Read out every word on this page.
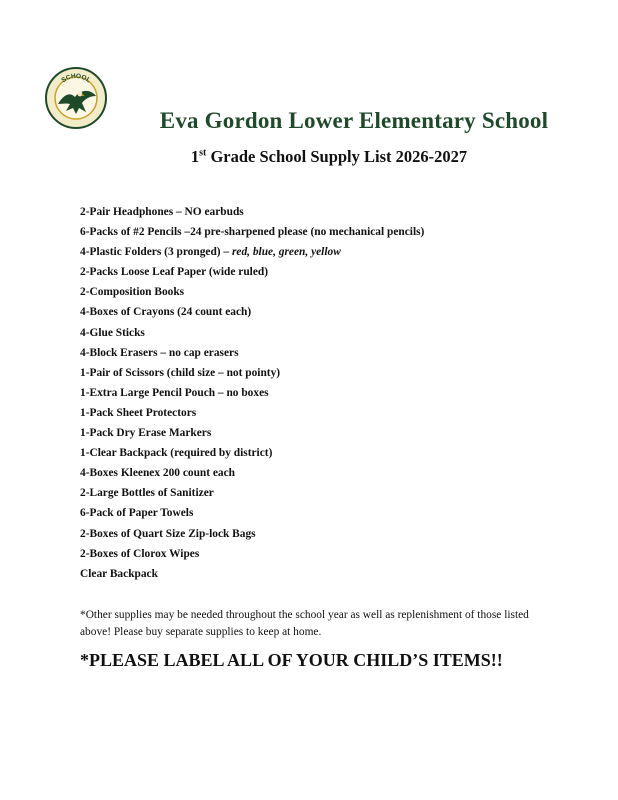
SCHOOL
Eva Gordon Lower Elementary School
1st Grade School Supply List 2026-2027
2-Pair Headphones – NO earbuds
6-Packs of #2 Pencils –24 pre-sharpened please (no mechanical pencils)
4-Plastic Folders (3 pronged) – red, blue, green, yellow
2-Packs Loose Leaf Paper (wide ruled)
2-Composition Books
4-Boxes of Crayons (24 count each)
4-Glue Sticks
4-Block Erasers – no cap erasers
1-Pair of Scissors (child size – not pointy)
1-Extra Large Pencil Pouch – no boxes
1-Pack Sheet Protectors
1-Pack Dry Erase Markers
1-Clear Backpack (required by district)
4-Boxes Kleenex 200 count each
2-Large Bottles of Sanitizer
6-Pack of Paper Towels
2-Boxes of Quart Size Zip-lock Bags
2-Boxes of Clorox Wipes
Clear Backpack
*Other supplies may be needed throughout the school year as well as replenishment of those listed above! Please buy separate supplies to keep at home.
*PLEASE LABEL ALL OF YOUR CHILD’S ITEMS!!
